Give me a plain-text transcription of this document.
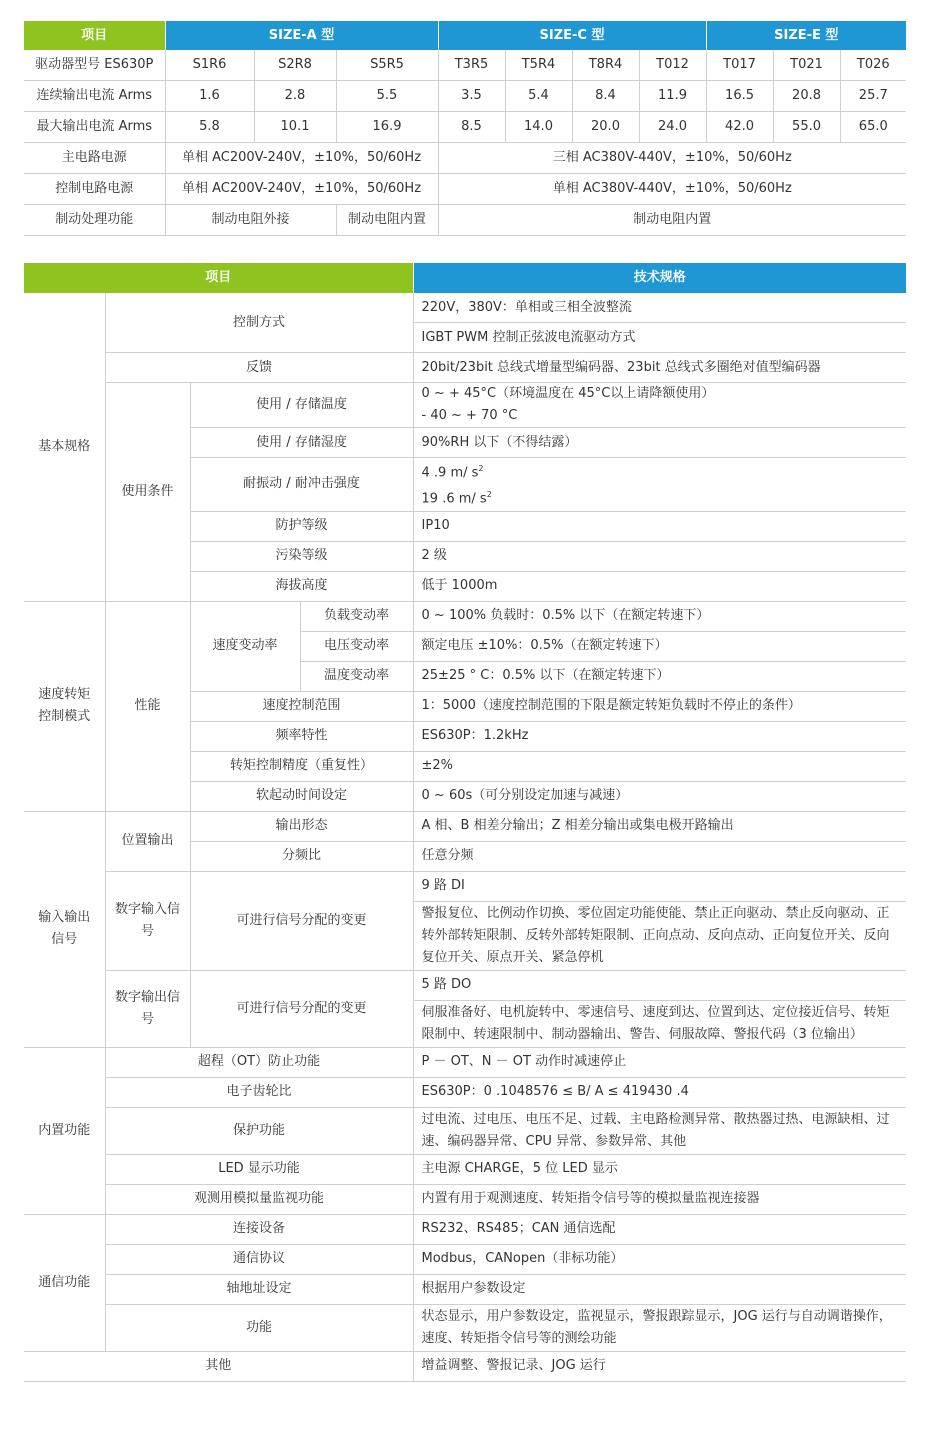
项目	SIZE-A 型			SIZE-C 型				SIZE-E 型		
驱动器型号 ES630P	S1R6	S2R8	S5R5	T3R5	T5R4	T8R4	T012	T017	T021	T026
连续输出电流 Arms	1.6	2.8	5.5	3.5	5.4	8.4	11.9	16.5	20.8	25.7
最大输出电流 Arms	5.8	10.1	16.9	8.5	14.0	20.0	24.0	42.0	55.0	65.0
主电路电源	单相 AC200V-240V，±10%，50/60Hz			三相 AC380V-440V，±10%，50/60Hz						
控制电路电源	单相 AC200V-240V，±10%，50/60Hz			单相 AC380V-440V，±10%，50/60Hz						
制动处理功能	制动电阻外接		制动电阻内置	制动电阻内置						
项目				技术规格
基本规格	控制方式			220V，380V：单相或三相全波整流
				IGBT PWM 控制正弦波电流驱动方式
	反馈			20bit/23bit 总线式增量型编码器、23bit 总线式多圈绝对值型编码器
	使用条件	使用 / 存储温度		0 ~ + 45°C（环境温度在 45°C以上请降额使用）
				- 40 ~ + 70 °C
		使用 / 存储湿度		90%RH 以下（不得结露）
		耐振动 / 耐冲击强度		4 .9 m/ $s^2$
				19 .6 m/ $s^2$
		防护等级		IP10
		污染等级		2 级
		海拔高度		低于 1000m
速度转矩控制模式	性能	速度变动率	负载变动率	0 ~ 100% 负载时：0.5% 以下（在额定转速下）
			电压变动率	额定电压 ±10%：0.5%（在额定转速下）
			温度变动率	25±25 ° C：0.5% 以下（在额定转速下）
		速度控制范围		1：5000（速度控制范围的下限是额定转矩负载时不停止的条件）
		频率特性		ES630P：1.2kHz
		转矩控制精度（重复性）		±2%
		软起动时间设定		0 ~ 60s（可分别设定加速与减速）
输入输出信号	位置输出	输出形态		A 相、B 相差分输出；Z 相差分输出或集电极开路输出
		分频比		任意分频
	数字输入信号	可进行信号分配的变更		9 路 DI
				警报复位、比例动作切换、零位固定功能使能、禁止正向驱动、禁止反向驱动、正转外部转矩限制、反转外部转矩限制、正向点动、反向点动、正向复位开关、反向复位开关、原点开关、紧急停机
	数字输出信号	可进行信号分配的变更		5 路 DO
				伺服准备好、电机旋转中、零速信号、速度到达、位置到达、定位接近信号、转矩限制中、转速限制中、制动器输出、警告、伺服故障、警报代码（3 位输出）
内置功能	超程（OT）防止功能			P － OT、N － OT 动作时减速停止
	电子齿轮比			ES630P：0 .1048576 ≤ B/ A ≤ 419430 .4
	保护功能			过电流、过电压、电压不足、过载、主电路检测异常、散热器过热、电源缺相、过速、编码器异常、CPU 异常、参数异常、其他
	LED 显示功能			主电源 CHARGE，5 位 LED 显示
	观测用模拟量监视功能			内置有用于观测速度、转矩指令信号等的模拟量监视连接器
通信功能	连接设备			RS232、RS485；CAN 通信选配
	通信协议			Modbus，CANopen（非标功能）
	轴地址设定			根据用户参数设定
	功能			状态显示，用户参数设定，监视显示，警报跟踪显示，JOG 运行与自动调谐操作，速度、转矩指令信号等的测绘功能
其他				增益调整、警报记录、JOG 运行
